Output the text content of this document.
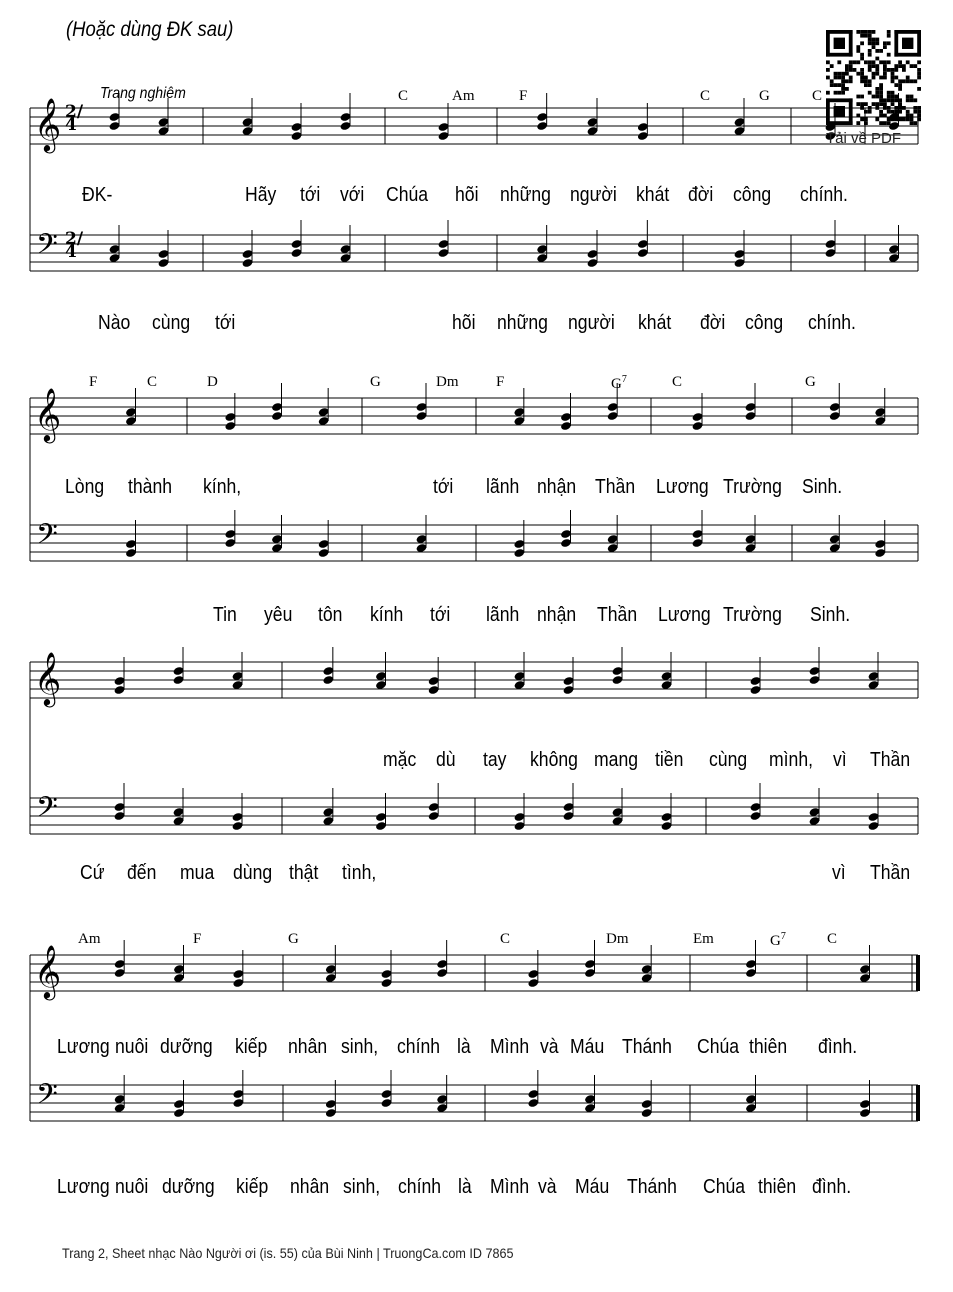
𝄞
𝄢
𝄞
𝄢
𝄞
𝄢
𝄞
𝄢
(Hoặc dùng ĐK sau)
Trang nghiêm
2/4
2/4
Tải về PDF
C	Am	F	C	G	C
ĐK-	Hãy tới với Chúa hõi những người khát đời công chính.
Nào cùng tới	hõi những người khát đời công chính.
F	C	D	G	Dm	F	$G^7$	C	G
Lòng thành kính,	tới lãnh nhận Thần Lương Trường Sinh.
Tin yêu tôn kính tới lãnh nhận Thần Lương Trường Sinh.
mặc dù tay không mang tiền cùng mình, vì Thần
Cứ đến mua dùng thật tình,	vì Thần
Am	F	G	C	Dm	Em	$G^7$	C
Lương nuôi dưỡng kiếp nhân sinh, chính là Mình và Máu Thánh Chúa thiên đình.
Lương nuôi dưỡng kiếp nhân sinh, chính là Mình và Máu Thánh Chúa thiên đình.
Trang 2, Sheet nhạc Nào Người ơi (is. 55) của Bùi Ninh | TruongCa.com ID 7865
